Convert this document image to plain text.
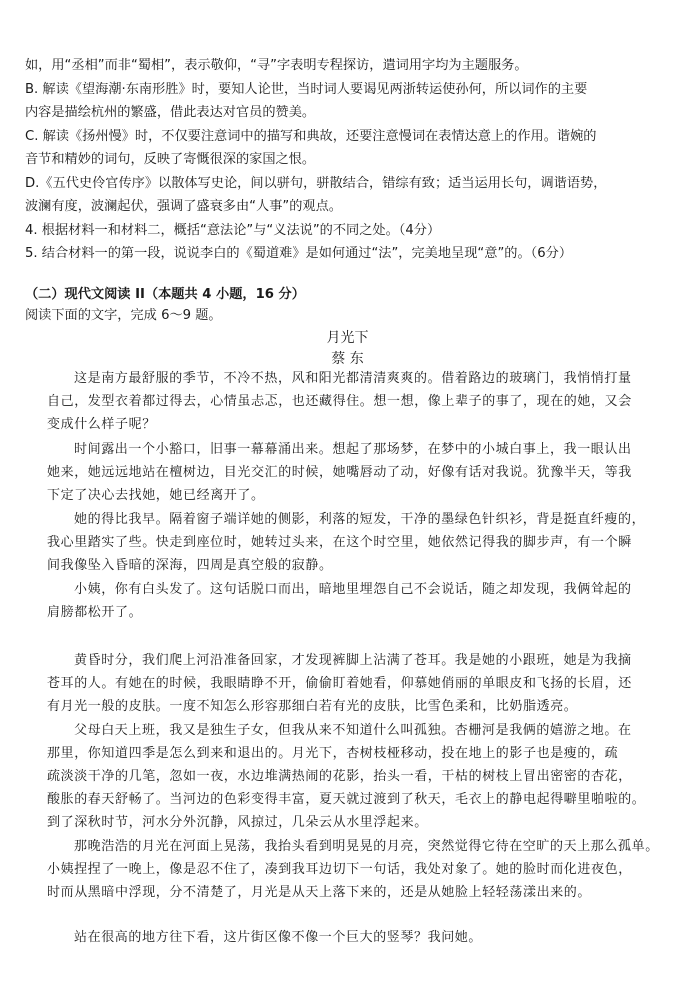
如，用“丞相”而非“蜀相”，表示敬仰，“寻”字表明专程探访，遣词用字均为主题服务。
B. 解读《望海潮·东南形胜》时，要知人论世，当时词人要谒见两浙转运使孙何，所以词作的主要
内容是描绘杭州的繁盛，借此表达对官员的赞美。
C. 解读《扬州慢》时，不仅要注意词中的描写和典故，还要注意慢词在表情达意上的作用。谐婉的
音节和精妙的词句，反映了寄慨很深的家国之恨。
D.《五代史伶官传序》以散体写史论，间以骈句，骈散结合，错综有致；适当运用长句，调谐语势，
波澜有度，波澜起伏，强调了盛衰多由“人事”的观点。
4. 根据材料一和材料二，概括“意法论”与“义法说”的不同之处。（4分）
5. 结合材料一的第一段，说说李白的《蜀道难》是如何通过“法”，完美地呈现“意”的。（6分）
（二）现代文阅读 II（本题共 4 小题，16 分）
阅读下面的文字，完成 6～9 题。
月光下
蔡 东
这是南方最舒服的季节，不冷不热，风和阳光都清清爽爽的。借着路边的玻璃门，我悄悄打量
自己，发型衣着都过得去，心情虽忐忑，也还藏得住。想一想，像上辈子的事了，现在的她，又会
变成什么样子呢？
时间露出一个小豁口，旧事一幕幕涌出来。想起了那场梦，在梦中的小城白事上，我一眼认出
她来，她远远地站在檀树边，目光交汇的时候，她嘴唇动了动，好像有话对我说。犹豫半天，等我
下定了决心去找她，她已经离开了。
她的得比我早。隔着窗子端详她的侧影，利落的短发，干净的墨绿色针织衫，背是挺直纤瘦的，
我心里踏实了些。快走到座位时，她转过头来，在这个时空里，她依然记得我的脚步声，有一个瞬
间我像坠入昏暗的深海，四周是真空般的寂静。
小姨，你有白头发了。这句话脱口而出，暗地里埋怨自己不会说话，随之却发现，我俩耸起的
肩膀都松开了。
黄昏时分，我们爬上河沿准备回家，才发现裤脚上沾满了苍耳。我是她的小跟班，她是为我摘
苍耳的人。有她在的时候，我眼睛睁不开，偷偷盯着她看，仰慕她俏丽的单眼皮和飞扬的长眉，还
有月光一般的皮肤。一度不知怎么形容那细白若有光的皮肤，比雪色柔和，比奶脂透亮。
父母白天上班，我又是独生子女，但我从来不知道什么叫孤独。杏栅河是我俩的嬉游之地。在
那里，你知道四季是怎么到来和退出的。月光下，杏树枝桠移动，投在地上的影子也是瘦的，疏
疏淡淡干净的几笔，忽如一夜，水边堆满热闹的花影，抬头一看，干枯的树枝上冒出密密的杏花，
酸胀的春天舒畅了。当河边的色彩变得丰富，夏天就过渡到了秋天，毛衣上的静电起得噼里啪啦的。
到了深秋时节，河水分外沉静，风掠过，几朵云从水里浮起来。
那晚浩浩的月光在河面上晃荡，我抬头看到明晃晃的月亮，突然觉得它待在空旷的天上那么孤单。
小姨捏捏了一晚上，像是忍不住了，凑到我耳边切下一句话，我处对象了。她的脸时而化进夜色，
时而从黑暗中浮现，分不清楚了，月光是从天上落下来的，还是从她脸上轻轻荡漾出来的。
站在很高的地方往下看，这片街区像不像一个巨大的竖琴？我问她。
